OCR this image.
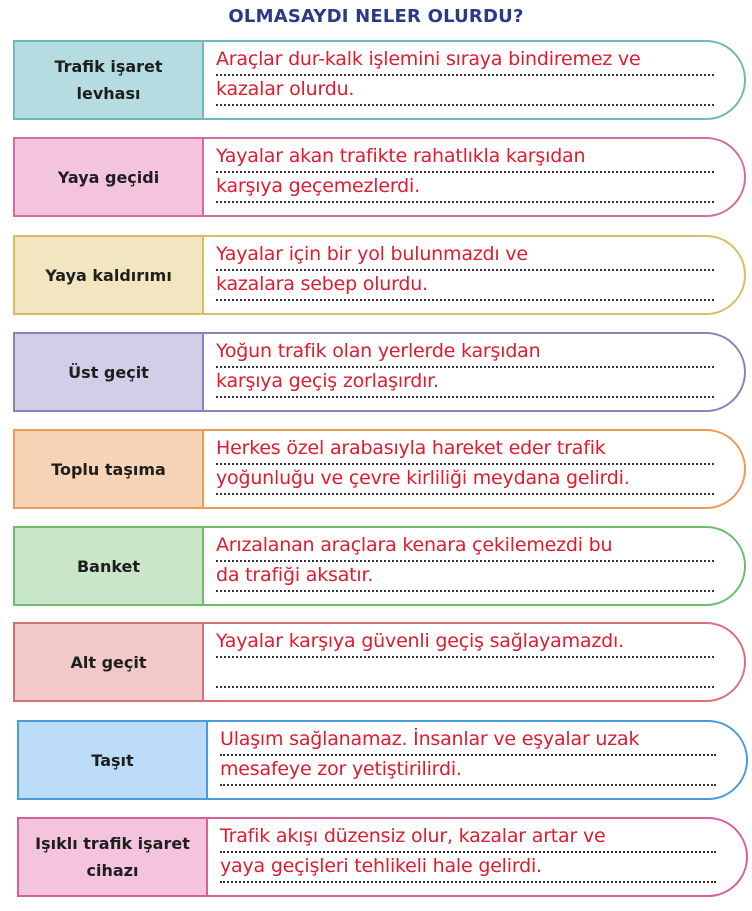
OLMASAYDI NELER OLURDU?
Trafik işaret levhası
Araçlar dur-kalk işlemini sıraya bindiremez ve
kazalar olurdu.
Yaya geçidi
Yayalar akan trafikte rahatlıkla karşıdan
karşıya geçemezlerdi.
Yaya kaldırımı
Yayalar için bir yol bulunmazdı ve
kazalara sebep olurdu.
Üst geçit
Yoğun trafik olan yerlerde karşıdan
karşıya geçiş zorlaşırdır.
Toplu taşıma
Herkes özel arabasıyla hareket eder trafik
yoğunluğu ve çevre kirliliği meydana gelirdi.
Banket
Arızalanan araçlara kenara çekilemezdi bu
da trafiği aksatır.
Alt geçit
Yayalar karşıya güvenli geçiş sağlayamazdı.
Taşıt
Ulaşım sağlanamaz. İnsanlar ve eşyalar uzak
mesafeye zor yetiştirilirdi.
Işıklı trafik işaret cihazı
Trafik akışı düzensiz olur, kazalar artar ve
yaya geçişleri tehlikeli hale gelirdi.
